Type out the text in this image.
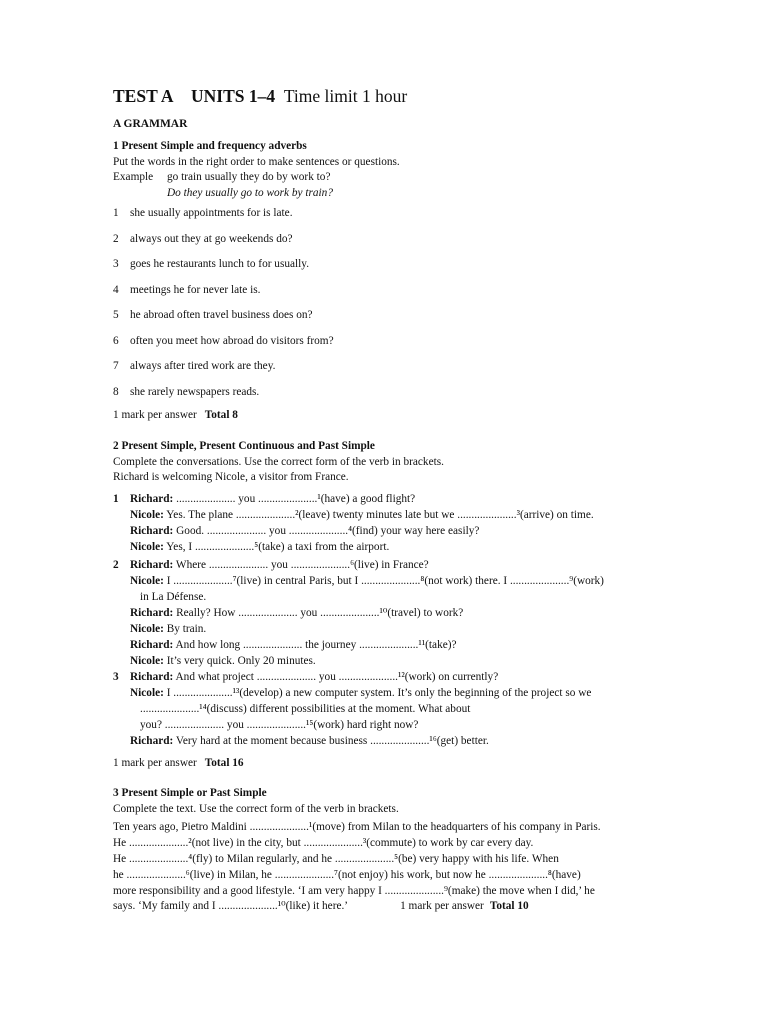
TEST A UNITS 1–4 Time limit 1 hour
A GRAMMAR
1 Present Simple and frequency adverbs
Put the words in the right order to make sentences or questions.
Example	go train usually they do by work to?
Do they usually go to work by train?
1	she usually appointments for is late.
2	always out they at go weekends do?
3	goes he restaurants lunch to for usually.
4	meetings he for never late is.
5	he abroad often travel business does on?
6	often you meet how abroad do visitors from?
7	always after tired work are they.
8	she rarely newspapers reads.
1 mark per answer Total 8
2 Present Simple, Present Continuous and Past Simple
Complete the conversations. Use the correct form of the verb in brackets.
Richard is welcoming Nicole, a visitor from France.
1 Richard: ..................... you .....................¹(have) a good flight?
Nicole: Yes. The plane .....................²(leave) twenty minutes late but we .....................³(arrive) on time.
Richard: Good. ..................... you .....................⁴(find) your way here easily?
Nicole: Yes, I .....................⁵(take) a taxi from the airport.
2 Richard: Where ..................... you .....................⁶(live) in France?
Nicole: I .....................⁷(live) in central Paris, but I .....................⁸(not work) there. I .....................⁹(work)
in La Défense.
Richard: Really? How ..................... you .....................¹⁰(travel) to work?
Nicole: By train.
Richard: And how long ..................... the journey .....................¹¹(take)?
Nicole: It’s very quick. Only 20 minutes.
3 Richard: And what project ..................... you .....................¹²(work) on currently?
Nicole: I .....................¹³(develop) a new computer system. It’s only the beginning of the project so we
.....................¹⁴(discuss) different possibilities at the moment. What about
you? ..................... you .....................¹⁵(work) hard right now?
Richard: Very hard at the moment because business .....................¹⁶(get) better.
1 mark per answer Total 16
3 Present Simple or Past Simple
Complete the text. Use the correct form of the verb in brackets.
Ten years ago, Pietro Maldini .....................¹(move) from Milan to the headquarters of his company in Paris.
He .....................²(not live) in the city, but .....................³(commute) to work by car every day.
He .....................⁴(fly) to Milan regularly, and he .....................⁵(be) very happy with his life. When
he .....................⁶(live) in Milan, he .....................⁷(not enjoy) his work, but now he .....................⁸(have)
more responsibility and a good lifestyle. ‘I am very happy I .....................⁹(make) the move when I did,’ he
says. ‘My family and I .....................¹⁰(like) it here.’	1 mark per answer Total 10
